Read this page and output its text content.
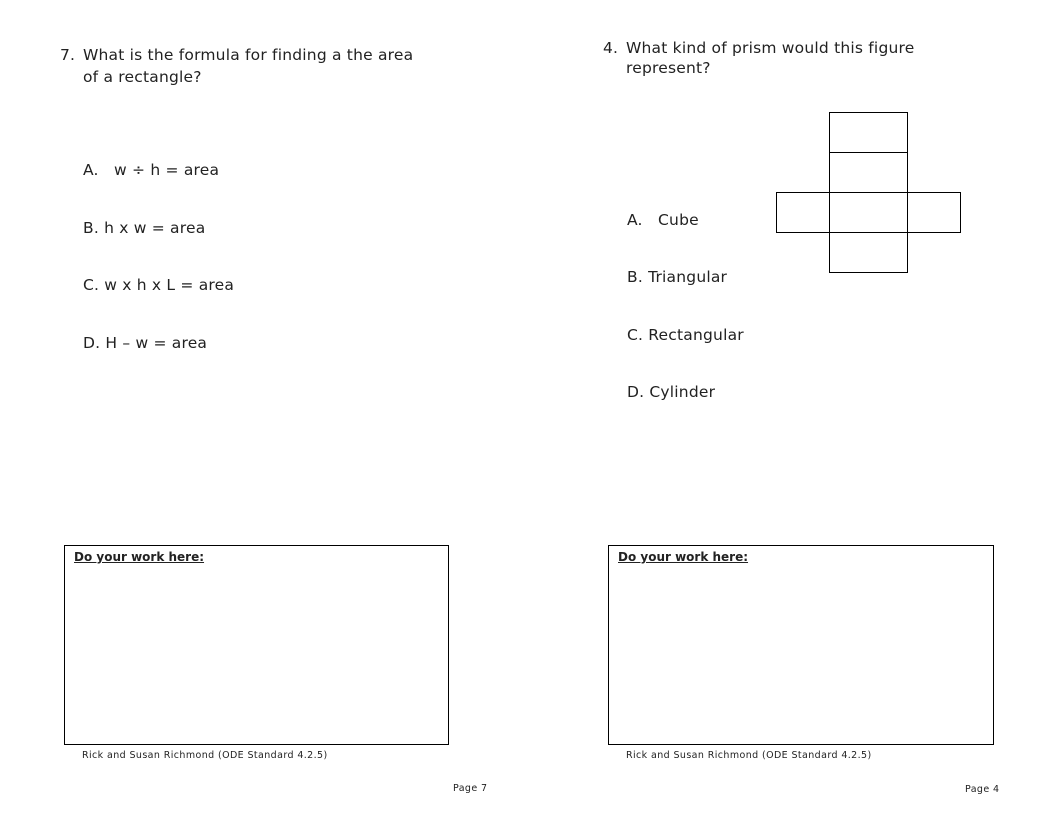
7. What is the formula for finding a the area
of a rectangle?
A.   w ÷ h = area
B. h x w = area
C. w x h x L = area
D. H – w = area
Do your work here:
Rick and Susan Richmond (ODE Standard 4.2.5)
Page 7
4. What kind of prism would this figure
represent?
A.   Cube
B. Triangular
C. Rectangular
D. Cylinder
Do your work here:
Rick and Susan Richmond (ODE Standard 4.2.5)
Page 4
